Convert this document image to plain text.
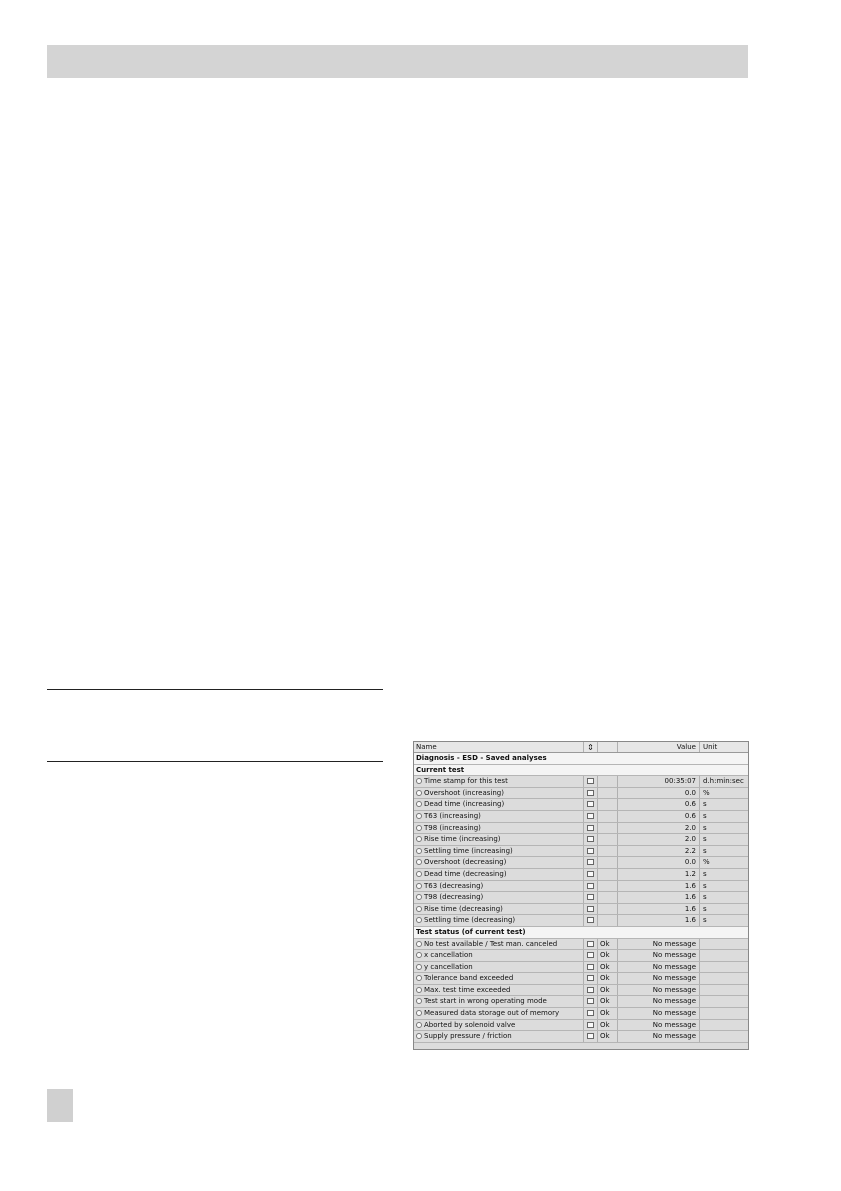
Name	⇕	Value	Unit
Diagnosis - ESD - Saved analyses
Current test
Time stamp for this test	00:35:07	d.h:min:sec
Overshoot (increasing)	0.0	%
Dead time (increasing)	0.6	s
T63 (increasing)	0.6	s
T98 (increasing)	2.0	s
Rise time (increasing)	2.0	s
Settling time (increasing)	2.2	s
Overshoot (decreasing)	0.0	%
Dead time (decreasing)	1.2	s
T63 (decreasing)	1.6	s
T98 (decreasing)	1.6	s
Rise time (decreasing)	1.6	s
Settling time (decreasing)	1.6	s
Test status (of current test)
No test available / Test man. canceled	Ok	No message
x cancellation	Ok	No message
y cancellation	Ok	No message
Tolerance band exceeded	Ok	No message
Max. test time exceeded	Ok	No message
Test start in wrong operating mode	Ok	No message
Measured data storage out of memory	Ok	No message
Aborted by solenoid valve	Ok	No message
Supply pressure / friction	Ok	No message
